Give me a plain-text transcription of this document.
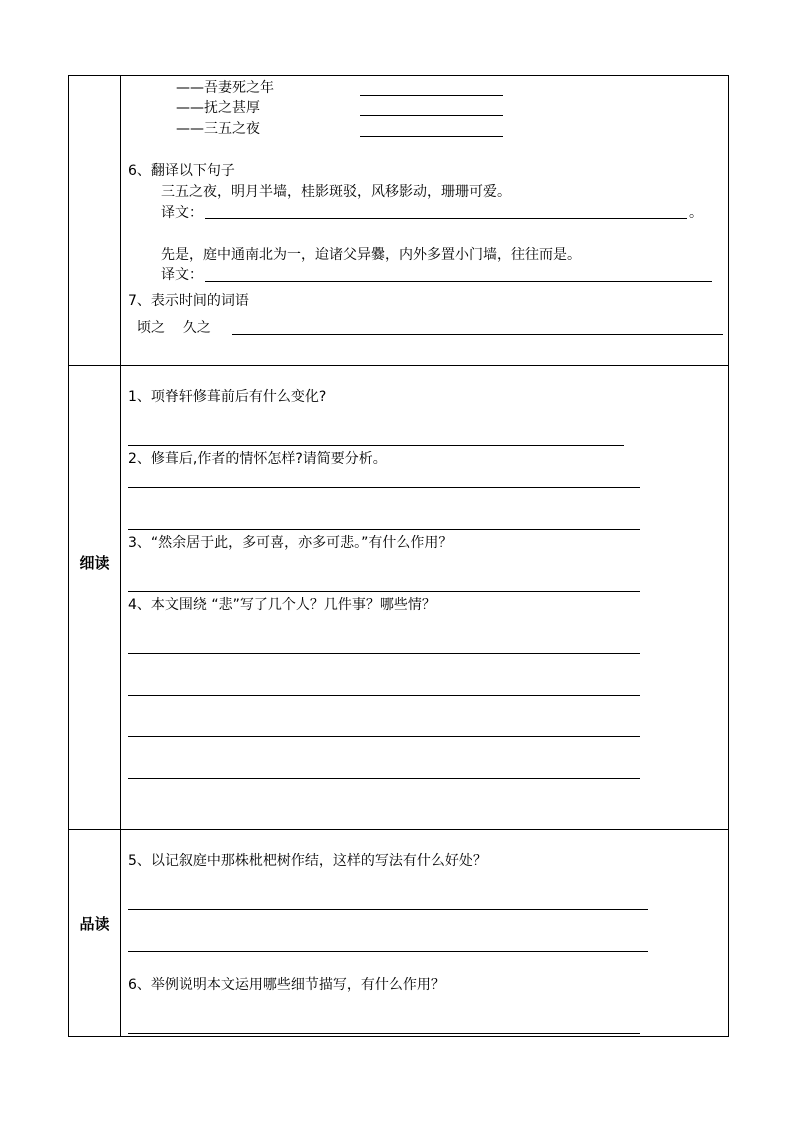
——吾妻死之年
——抚之甚厚
——三五之夜
6、翻译以下句子
三五之夜，明月半墙，桂影斑驳，风移影动，珊珊可爱。
译文：	。
先是，庭中通南北为一，迨诸父异爨，内外多置小门墙，往往而是。
译文：
7、表示时间的词语
顷之    久之
细读
1、项脊轩修葺前后有什么变化?
2、修葺后,作者的情怀怎样?请简要分析。
3、“然余居于此，多可喜，亦多可悲。”有什么作用？
4、本文围绕 “悲”写了几个人？几件事？哪些情？
品读
5、以记叙庭中那株枇杷树作结，这样的写法有什么好处？
6、举例说明本文运用哪些细节描写，有什么作用？
